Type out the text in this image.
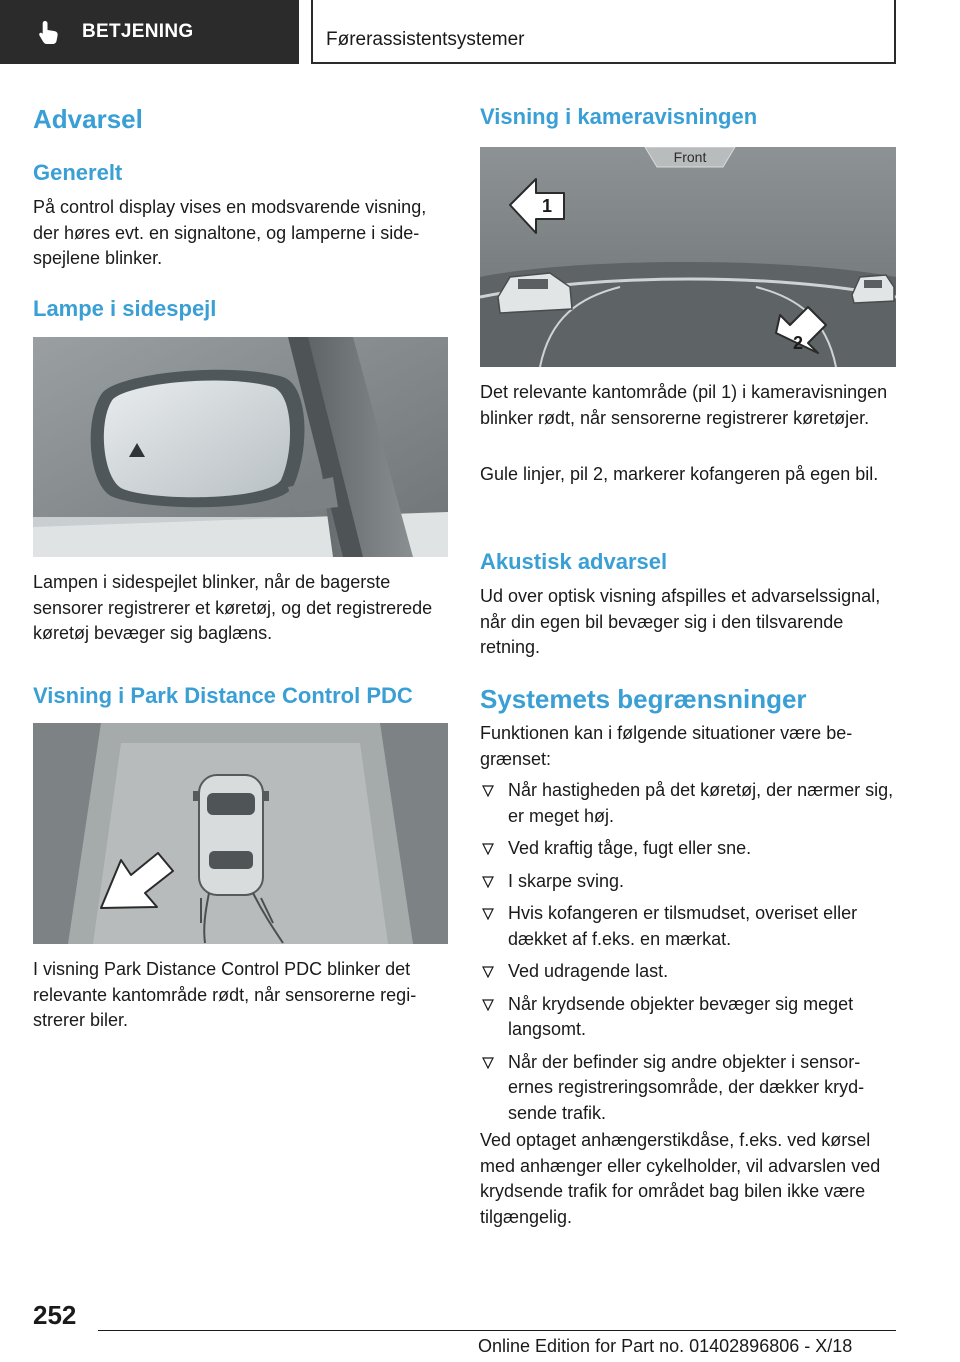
BETJENING	Førerassistentsystemer
Advarsel
Generelt

På control display vises en modsvarende visning, der høres evt. en signaltone, og lamperne i sidespejlene blinker.

Lampe i sidespejl

Lampen i sidespejlet blinker, når de bagerste sensorer registrerer et køretøj, og det registrerede køretøj bevæger sig baglæns.

Visning i Park Distance Control PDC

I visning Park Distance Control PDC blinker det relevante kantområde rødt, når sensorerne registrerer biler.

Visning i kameravisningen
Front
1
2

Det relevante kantområde (pil 1) i kameravisningen blinker rødt, når sensorerne registrerer køretøjer.

Gule linjer, pil 2, markerer kofangeren på egen bil.

Akustisk advarsel

Ud over optisk visning afspilles et advarselssignal, når din egen bil bevæger sig i den tilsvarende retning.

Systemets begrænsninger

Funktionen kan i følgende situationer være begrænset:

Når hastigheden på det køretøj, der nærmer sig, er meget høj.
Ved kraftig tåge, fugt eller sne.
I skarpe sving.
Hvis kofangeren er tilsmudset, overiset eller dækket af f.eks. en mærkat.
Ved udragende last.
Når krydsende objekter bevæger sig meget langsomt.
Når der befinder sig andre objekter i sensorernes registreringsområde, der dækker krydsende trafik.

Ved optaget anhængerstikdåse, f.eks. ved kørsel med anhænger eller cykelholder, vil advarslen ved krydsende trafik for området bag bilen ikke være tilgængelig.

252
Online Edition for Part no. 01402896806 - X/18
